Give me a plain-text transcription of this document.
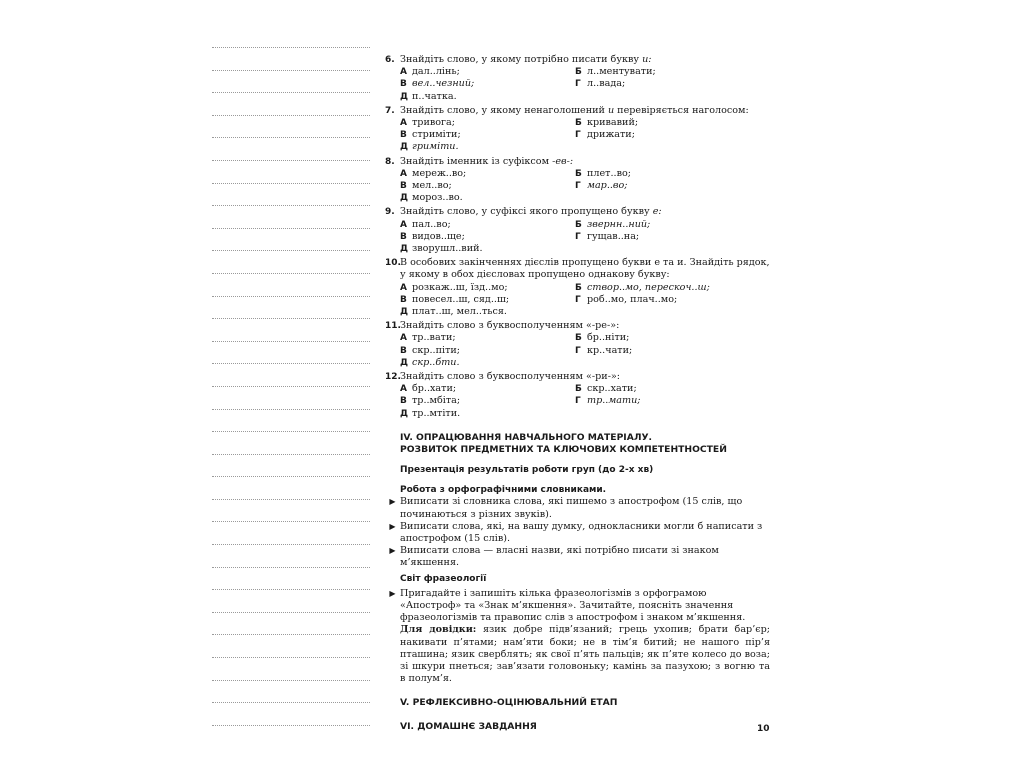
6. Знайдіть слово, у якому потрібно писати букву и:
А дал..лінь;	Б л..ментувати;
В вел..чезний;	Г л..вада;
Д п..чатка.
7. Знайдіть слово, у якому ненаголошений и перевіряється наголосом:
А тривога;	Б кривавий;
В стриміти;	Г дрижати;
Д гриміти.
8. Знайдіть іменник із суфіксом -ев-:
А мереж..во;	Б плет..во;
В мел..во;	Г мар..во;
Д мороз..во.
9. Знайдіть слово, у суфіксі якого пропущено букву е:
А пал..во;	Б звернн..ний;
В видов..ще;	Г гущав..на;
Д зворушл..вий.
10. В особових закінченнях дієслів пропущено букви е та и. Знайдіть рядок, у якому в обох дієсловах пропущено однакову букву:
А розкаж..ш, їзд..мо;	Б створ..мо, перескоч..ш;
В повесел..ш, сяд..ш;	Г роб..мо, плач..мо;
Д плат..ш, мел..ться.
11. Знайдіть слово з буквосполученням «-ре-»:
А тр..вати;	Б бр..ніти;
В скр..піти;	Г кр..чати;
Д скр..бти.
12. Знайдіть слово з буквосполученням «-ри-»:
А бр..хати;	Б скр..хати;
В тр..мбіта;	Г тр..мати;
Д тр..мтіти.
IV. ОПРАЦЮВАННЯ НАВЧАЛЬНОГО МАТЕРІАЛУ.
РОЗВИТОК ПРЕДМЕТНИХ ТА КЛЮЧОВИХ КОМПЕТЕНТНОСТЕЙ
Презентація результатів роботи груп (до 2-х хв)
Робота з орфографічними словниками.
▶ Виписати зі словника слова, які пишемо з апострофом (15 слів, що починаються з різних звуків).
▶ Виписати слова, які, на вашу думку, однокласники могли б написати з апострофом (15 слів).
▶ Виписати слова — власні назви, які потрібно писати зі знаком м’якшення.
Світ фразеології
▶ Пригадайте і запишіть кілька фразеологізмів з орфограмою «Апостроф» та «Знак м’якшення». Зачитайте, поясніть значення фразеологізмів та правопис слів з апострофом і знаком м’якшення.
Для довідки: язик добре підв’язаний; грець ухопив; брати бар’єр; накивати п’ятами; нам’яти боки; не в тім’я битий; не нашого пір’я пташина; язик сверблять; як свої п’ять пальців; як п’яте колесо до воза; зі шкури пнеться; зав’язати головоньку; камінь за пазухою; з вогню та в полум’я.
V. РЕФЛЕКСИВНО-ОЦІНЮВАЛЬНИЙ ЕТАП
VI. ДОМАШНЄ ЗАВДАННЯ	10
